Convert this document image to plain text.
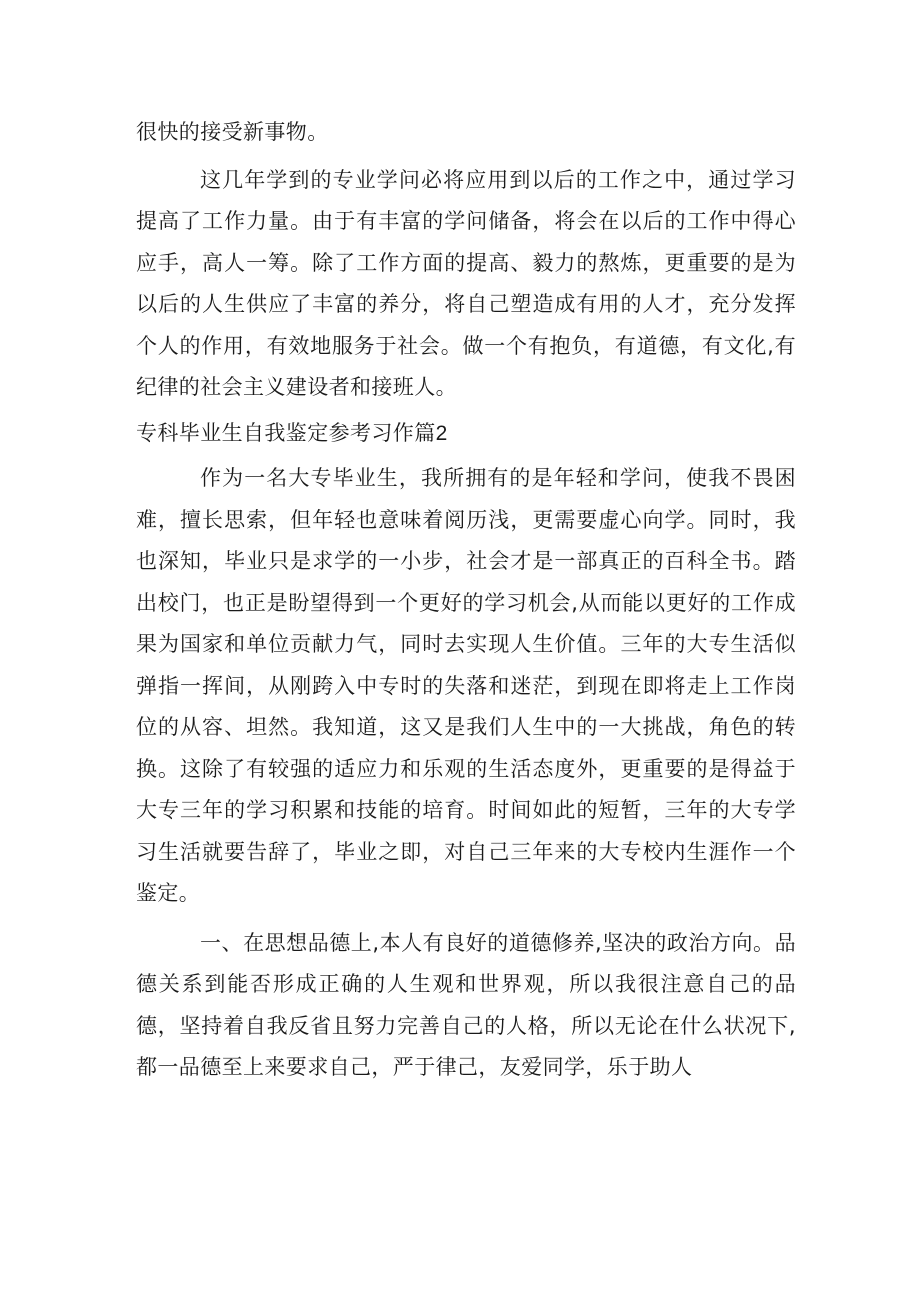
很快的接受新事物。

这几年学到的专业学问必将应用到以后的工作之中，通过学习提高了工作力量。由于有丰富的学问储备，将会在以后的工作中得心应手，高人一筹。除了工作方面的提高、毅力的熬炼，更重要的是为以后的人生供应了丰富的养分，将自己塑造成有用的人才，充分发挥个人的作用，有效地服务于社会。做一个有抱负，有道德，有文化,有纪律的社会主义建设者和接班人。

专科毕业生自我鉴定参考习作篇2

作为一名大专毕业生，我所拥有的是年轻和学问，使我不畏困难，擅长思索，但年轻也意味着阅历浅，更需要虚心向学。同时，我也深知，毕业只是求学的一小步，社会才是一部真正的百科全书。踏出校门，也正是盼望得到一个更好的学习机会,从而能以更好的工作成果为国家和单位贡献力气，同时去实现人生价值。三年的大专生活似弹指一挥间，从刚跨入中专时的失落和迷茫，到现在即将走上工作岗位的从容、坦然。我知道，这又是我们人生中的一大挑战，角色的转换。这除了有较强的适应力和乐观的生活态度外，更重要的是得益于大专三年的学习积累和技能的培育。时间如此的短暂，三年的大专学习生活就要告辞了，毕业之即，对自己三年来的大专校内生涯作一个鉴定。

一、在思想品德上,本人有良好的道德修养,坚决的政治方向。品德关系到能否形成正确的人生观和世界观，所以我很注意自己的品德，坚持着自我反省且努力完善自己的人格，所以无论在什么状况下,都一品德至上来要求自己，严于律己，友爱同学，乐于助人
